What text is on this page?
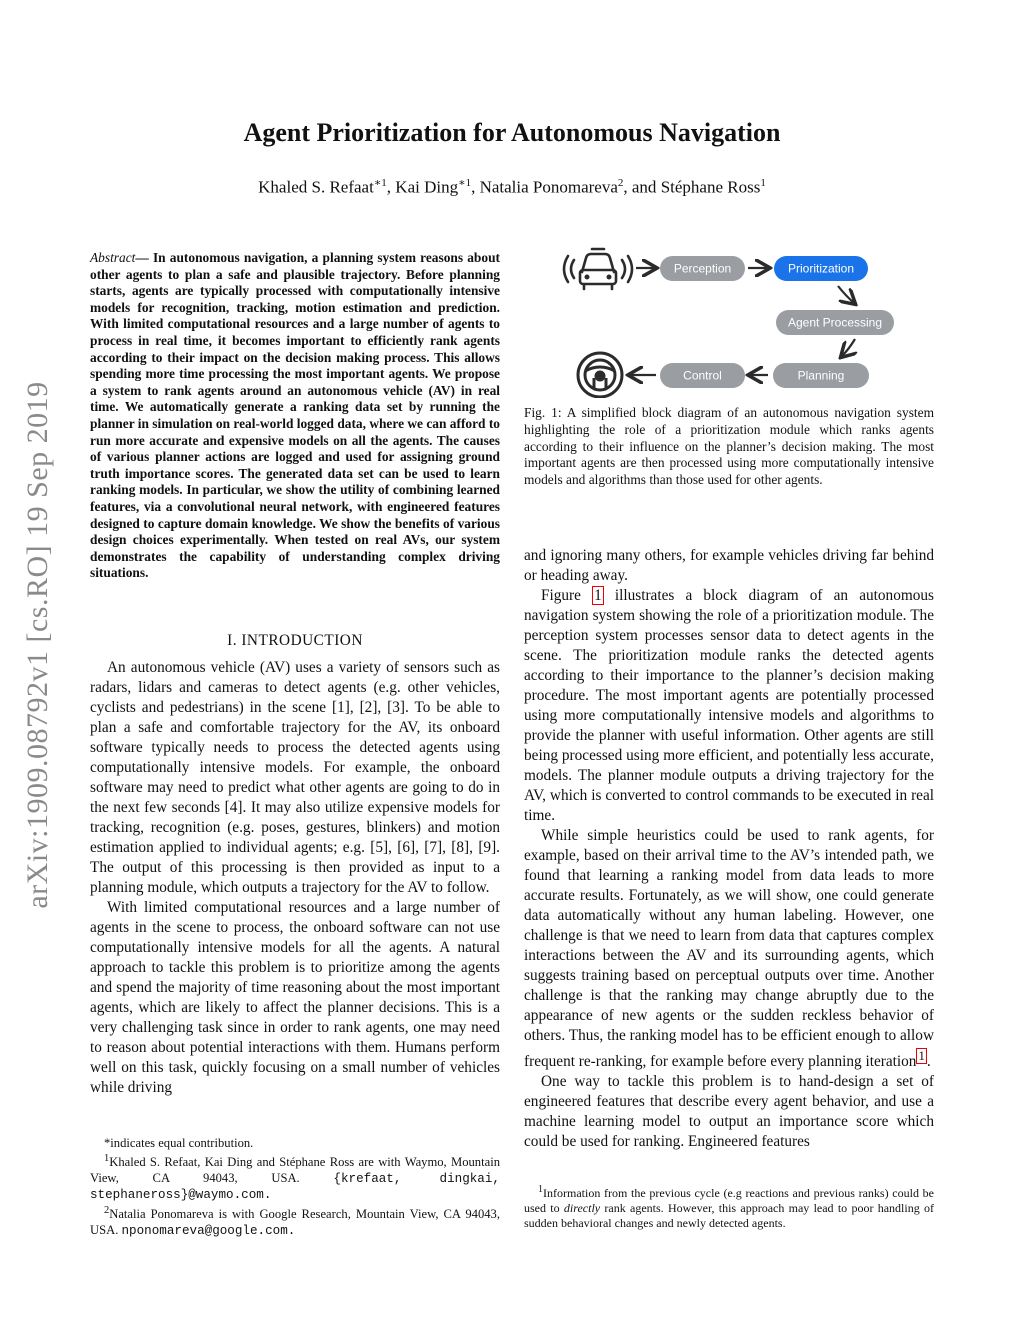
arXiv:1909.08792v1 [cs.RO] 19 Sep 2019
Agent Prioritization for Autonomous Navigation
Khaled S. Refaat$^{∗1}$, Kai Ding$^{∗1}$, Natalia Ponomareva$^2$, and Stéphane Ross$^1$
Abstract— In autonomous navigation, a planning system reasons about other agents to plan a safe and plausible trajectory. Before planning starts, agents are typically processed with computationally intensive models for recognition, tracking, motion estimation and prediction. With limited computational resources and a large number of agents to process in real time, it becomes important to efficiently rank agents according to their impact on the decision making process. This allows spending more time processing the most important agents. We propose a system to rank agents around an autonomous vehicle (AV) in real time. We automatically generate a ranking data set by running the planner in simulation on real-world logged data, where we can afford to run more accurate and expensive models on all the agents. The causes of various planner actions are logged and used for assigning ground truth importance scores. The generated data set can be used to learn ranking models. In particular, we show the utility of combining learned features, via a convolutional neural network, with engineered features designed to capture domain knowledge. We show the benefits of various design choices experimentally. When tested on real AVs, our system demonstrates the capability of understanding complex driving situations.
I. INTRODUCTION

An autonomous vehicle (AV) uses a variety of sensors such as radars, lidars and cameras to detect agents (e.g. other vehicles, cyclists and pedestrians) in the scene [1], [2], [3]. To be able to plan a safe and comfortable trajectory for the AV, its onboard software typically needs to process the detected agents using computationally intensive models. For example, the onboard software may need to predict what other agents are going to do in the next few seconds [4]. It may also utilize expensive models for tracking, recognition (e.g. poses, gestures, blinkers) and motion estimation applied to individual agents; e.g. [5], [6], [7], [8], [9]. The output of this processing is then provided as input to a planning module, which outputs a trajectory for the AV to follow.

With limited computational resources and a large number of agents in the scene to process, the onboard software can not use computationally intensive models for all the agents. A natural approach to tackle this problem is to prioritize among the agents and spend the majority of time reasoning about the most important agents, which are likely to affect the planner decisions. This is a very challenging task since in order to rank agents, one may need to reason about potential interactions with them. Humans perform well on this task, quickly focusing on a small number of vehicles while driving

*indicates equal contribution.

$^1$Khaled S. Refaat, Kai Ding and Stéphane Ross are with Waymo, Mountain View, CA 94043, USA. {krefaat, dingkai, stephaneross}@waymo.com.

$^2$Natalia Ponomareva is with Google Research, Mountain View, CA 94043, USA. nponomareva@google.com.

Perception	Prioritization
Agent Processing
Planning
Control
Fig. 1: A simplified block diagram of an autonomous navigation system highlighting the role of a prioritization module which ranks agents according to their influence on the planner’s decision making. The most important agents are then processed using more computationally intensive models and algorithms than those used for other agents.

and ignoring many others, for example vehicles driving far behind or heading away.

Figure 1 illustrates a block diagram of an autonomous navigation system showing the role of a prioritization module. The perception system processes sensor data to detect agents in the scene. The prioritization module ranks the detected agents according to their importance to the planner’s decision making procedure. The most important agents are potentially processed using more computationally intensive models and algorithms to provide the planner with useful information. Other agents are still being processed using more efficient, and potentially less accurate, models. The planner module outputs a driving trajectory for the AV, which is converted to control commands to be executed in real time.

While simple heuristics could be used to rank agents, for example, based on their arrival time to the AV’s intended path, we found that learning a ranking model from data leads to more accurate results. Fortunately, as we will show, one could generate data automatically without any human labeling. However, one challenge is that we need to learn from data that captures complex interactions between the AV and its surrounding agents, which suggests training based on perceptual outputs over time. Another challenge is that the ranking may change abruptly due to the appearance of new agents or the sudden reckless behavior of others. Thus, the ranking model has to be efficient enough to allow frequent re-ranking, for example before every planning iteration $^1$ .

One way to tackle this problem is to hand-design a set of engineered features that describe every agent behavior, and use a machine learning model to output an importance score which could be used for ranking. Engineered features

$^1$Information from the previous cycle (e.g reactions and previous ranks) could be used to directly rank agents. However, this approach may lead to poor handling of sudden behavioral changes and newly detected agents.
